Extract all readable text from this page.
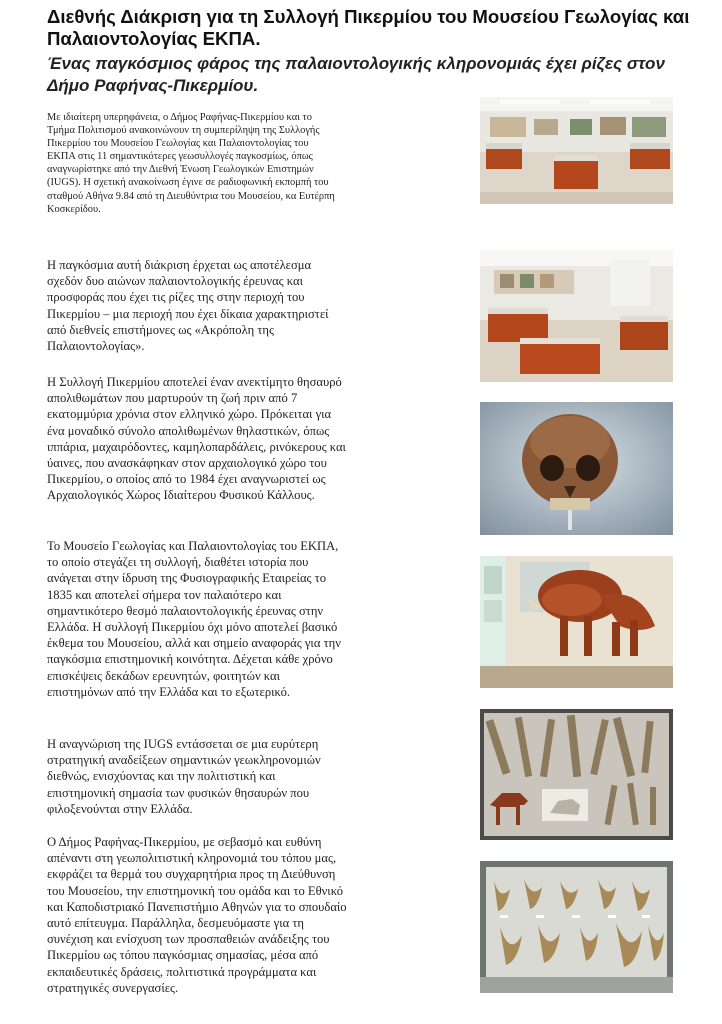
Διεθνής Διάκριση για τη Συλλογή Πικερμίου του Μουσείου Γεωλογίας και Παλαιοντολογίας ΕΚΠΑ.
Ένας παγκόσμιος φάρος της παλαιοντολογικής κληρονομιάς έχει ρίζες στον Δήμο Ραφήνας-Πικερμίου.

Με ιδιαίτερη υπερηφάνεια, ο Δήμος Ραφήνας-Πικερμίου και το Τμήμα Πολιτισμού ανακοινώνουν τη συμπερίληψη της Συλλογής Πικερμίου του Μουσείου Γεωλογίας και Παλαιοντολογίας του ΕΚΠΑ στις 11 σημαντικότερες γεωσυλλογές παγκοσμίως, όπως αναγνωρίστηκε από την Διεθνή Ένωση Γεωλογικών Επιστημών (IUGS). Η σχετική ανακοίνωση έγινε σε ραδιοφωνική εκπομπή του σταθμού Αθήνα 9.84 από τη Διευθύντρια του Μουσείου, κα Ευτέρπη Κοσκερίδου.

Η παγκόσμια αυτή διάκριση έρχεται ως αποτέλεσμα σχεδόν δυο αιώνων παλαιοντολογικής έρευνας και προσφοράς που έχει τις ρίζες της στην περιοχή του Πικερμίου – μια περιοχή που έχει δίκαια χαρακτηριστεί από διεθνείς επιστήμονες ως «Ακρόπολη της Παλαιοντολογίας».

Η Συλλογή Πικερμίου αποτελεί έναν ανεκτίμητο θησαυρό απολιθωμάτων που μαρτυρούν τη ζωή πριν από 7 εκατομμύρια χρόνια στον ελληνικό χώρο. Πρόκειται για ένα μοναδικό σύνολο απολιθωμένων θηλαστικών, όπως ιππάρια, μαχαιρόδοντες, καμηλοπαρδάλεις, ρινόκερους και ύαινες, που ανασκάφηκαν στον αρχαιολογικό χώρο του Πικερμίου, ο οποίος από το 1984 έχει αναγνωριστεί ως Αρχαιολογικός Χώρος Ιδιαίτερου Φυσικού Κάλλους.

Το Μουσείο Γεωλογίας και Παλαιοντολογίας του ΕΚΠΑ, το οποίο στεγάζει τη συλλογή, διαθέτει ιστορία που ανάγεται στην ίδρυση της Φυσιογραφικής Εταιρείας το 1835 και αποτελεί σήμερα τον παλαιότερο και σημαντικότερο θεσμό παλαιοντολογικής έρευνας στην Ελλάδα. Η συλλογή Πικερμίου όχι μόνο αποτελεί βασικό έκθεμα του Μουσείου, αλλά και σημείο αναφοράς για την παγκόσμια επιστημονική κοινότητα. Δέχεται κάθε χρόνο επισκέψεις δεκάδων ερευνητών, φοιτητών και επιστημόνων από την Ελλάδα και το εξωτερικό.

Η αναγνώριση της IUGS εντάσσεται σε μια ευρύτερη στρατηγική αναδείξεων σημαντικών γεωκληρονομιών διεθνώς, ενισχύοντας και την πολιτιστική και επιστημονική σημασία των φυσικών θησαυρών που φιλοξενούνται στην Ελλάδα.

Ο Δήμος Ραφήνας-Πικερμίου, με σεβασμό και ευθύνη απέναντι στη γεωπολιτιστική κληρονομιά του τόπου μας, εκφράζει τα θερμά του συγχαρητήρια προς τη Διεύθυνση του Μουσείου, την επιστημονική του ομάδα και το Εθνικό και Καποδιστριακό Πανεπιστήμιο Αθηνών για το σπουδαίο αυτό επίτευγμα. Παράλληλα, δεσμευόμαστε για τη συνέχιση και ενίσχυση των προσπαθειών ανάδειξης του Πικερμίου ως τόπου παγκόσμιας σημασίας, μέσα από εκπαιδευτικές δράσεις, πολιτιστικά προγράμματα και στρατηγικές συνεργασίες.
